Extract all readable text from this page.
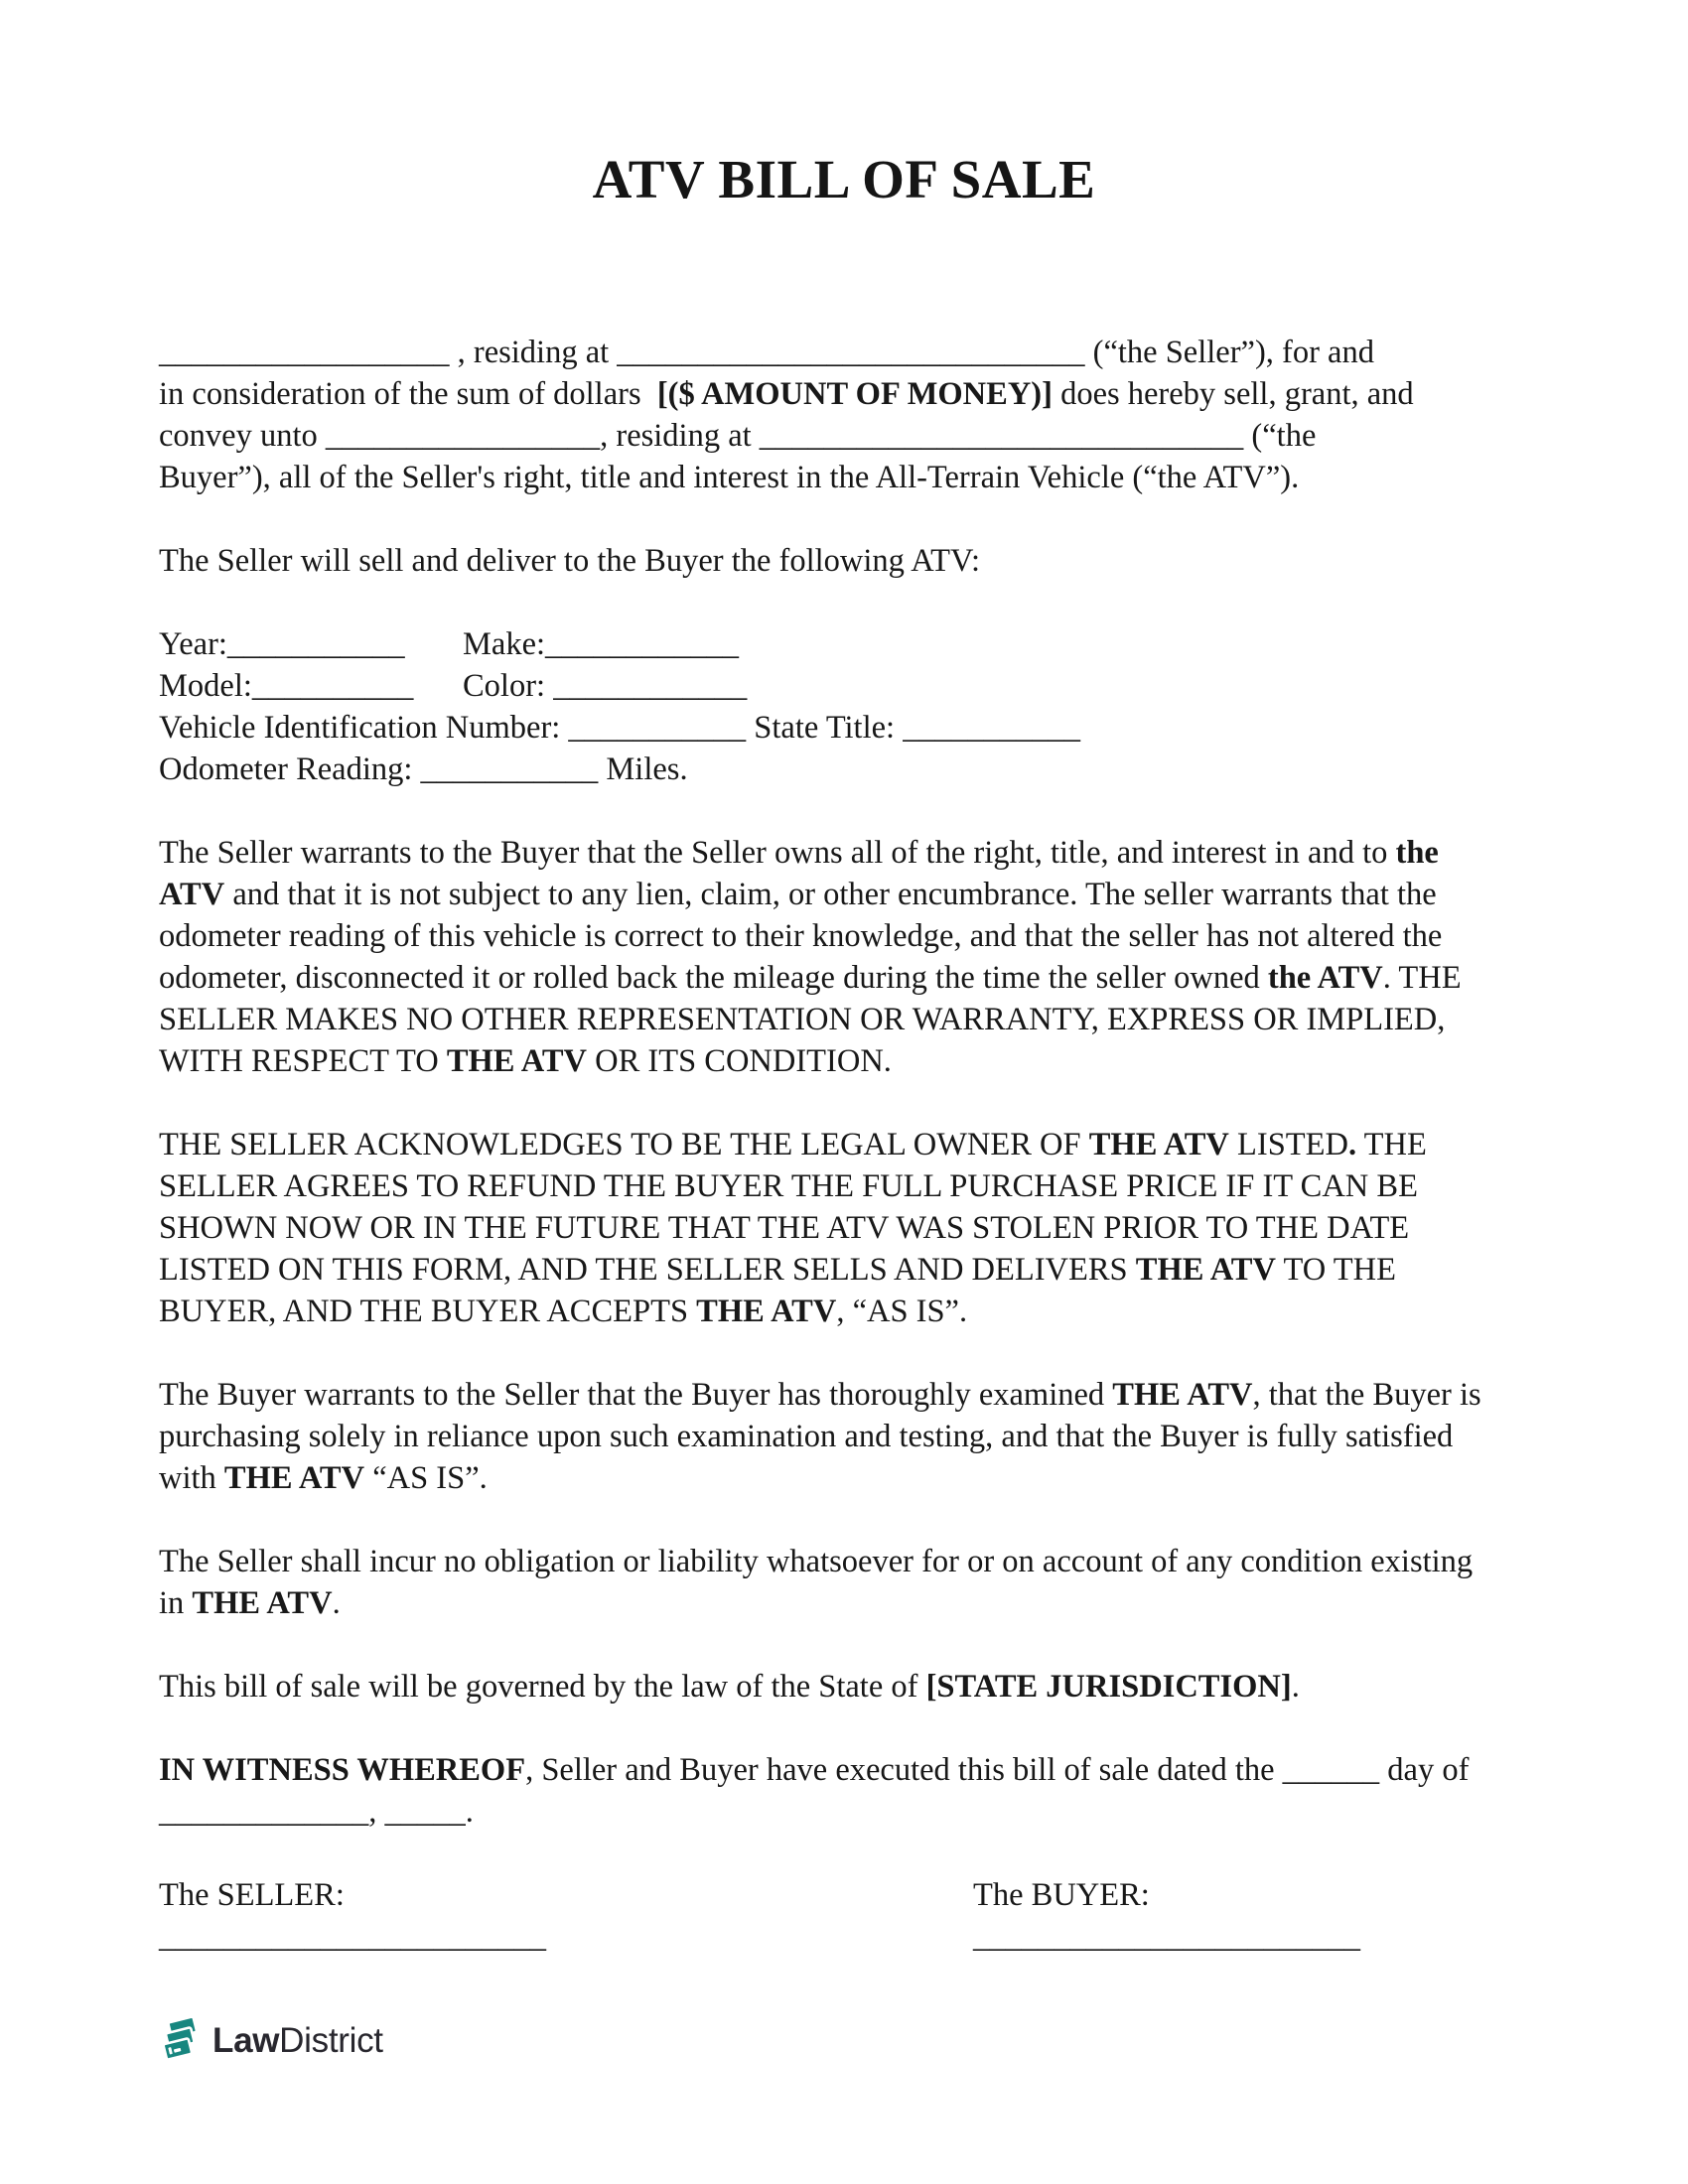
ATV BILL OF SALE
__________________ , residing at _____________________________ (“the Seller”), for and
in consideration of the sum of dollars  [($ AMOUNT OF MONEY)] does hereby sell, grant, and
convey unto _________________, residing at ______________________________ (“the
Buyer”), all of the Seller's right, title and interest in the All-Terrain Vehicle (“the ATV”).
The Seller will sell and deliver to the Buyer the following ATV:
Year:___________	Make:____________
Model:__________	Color: ____________
Vehicle Identification Number: ___________ State Title: ___________
Odometer Reading: ___________ Miles.
The Seller warrants to the Buyer that the Seller owns all of the right, title, and interest in and to the
ATV and that it is not subject to any lien, claim, or other encumbrance. The seller warrants that the
odometer reading of this vehicle is correct to their knowledge, and that the seller has not altered the
odometer, disconnected it or rolled back the mileage during the time the seller owned the ATV. THE
SELLER MAKES NO OTHER REPRESENTATION OR WARRANTY, EXPRESS OR IMPLIED,
WITH RESPECT TO THE ATV OR ITS CONDITION.
THE SELLER ACKNOWLEDGES TO BE THE LEGAL OWNER OF THE ATV LISTED. THE
SELLER AGREES TO REFUND THE BUYER THE FULL PURCHASE PRICE IF IT CAN BE
SHOWN NOW OR IN THE FUTURE THAT THE ATV WAS STOLEN PRIOR TO THE DATE
LISTED ON THIS FORM, AND THE SELLER SELLS AND DELIVERS THE ATV TO THE
BUYER, AND THE BUYER ACCEPTS THE ATV, “AS IS”.
The Buyer warrants to the Seller that the Buyer has thoroughly examined THE ATV, that the Buyer is
purchasing solely in reliance upon such examination and testing, and that the Buyer is fully satisfied
with THE ATV “AS IS”.
The Seller shall incur no obligation or liability whatsoever for or on account of any condition existing
in THE ATV.
This bill of sale will be governed by the law of the State of [STATE JURISDICTION].
IN WITNESS WHEREOF, Seller and Buyer have executed this bill of sale dated the ______ day of
_____________, _____.
The SELLER:	The BUYER:
________________________	________________________
Law District
